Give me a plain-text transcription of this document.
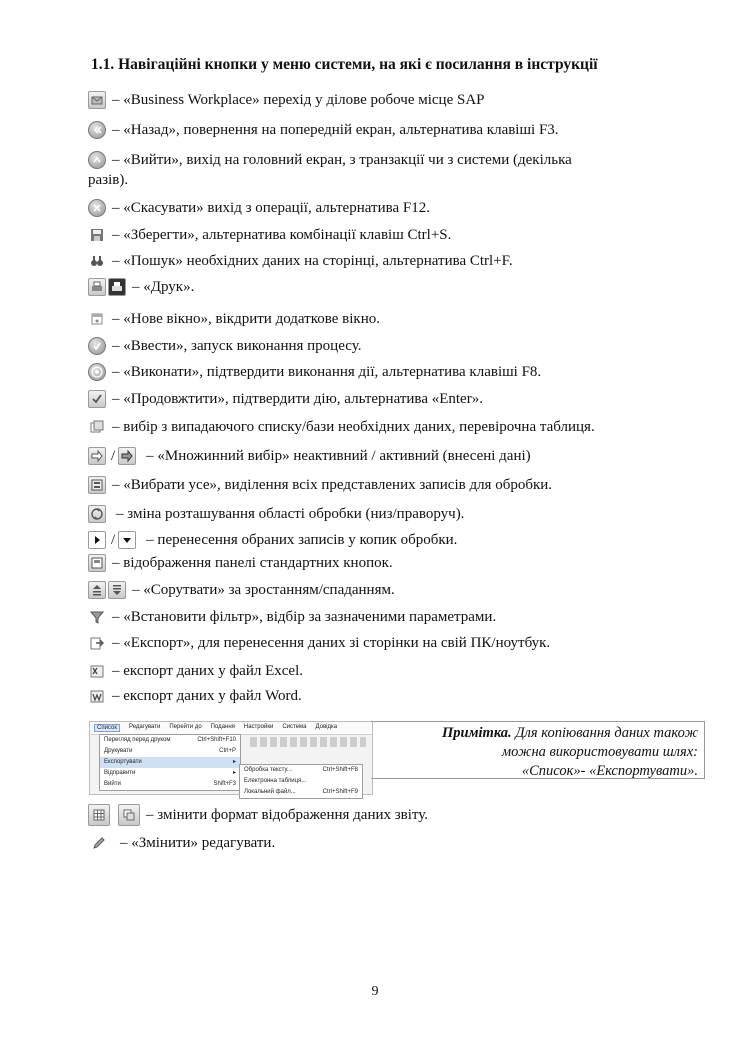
1.1. Навігаційні кнопки у меню системи, на які є посилання в інструкції
– «Business Workplace» перехід у ділове робоче місце SAP
– «Назад», повернення на попередній екран, альтернатива клавіші F3.
– «Вийти», вихід на головний екран, з транзакції чи з системи (декілька
разів).
– «Скасувати» вихід з операції, альтернатива F12.
– «Зберегти», альтернатива комбінації клавіш Ctrl+S.
– «Пошук» необхідних даних на сторінці, альтернатива Ctrl+F.
– «Друк».
– «Нове вікно», вікдрити додаткове вікно.
– «Ввести», запуск виконання процесу.
– «Виконати», підтвердити виконання дії, альтернатива клавіші F8.
– «Продовжтити», підтвердити дію, альтернатива «Enter».
– вибір з випадаючого списку/бази необхідних даних, перевірочна таблиця.
/ – «Множинний вибір» неактивний / активний (внесені дані)
– «Вибрати усе», виділення всіх представлених записів для обробки.
– зміна розташування області обробки (низ/праворуч).
/ – перенесення обраних записів у копик обробки.
– відображення панелі стандартних кнопок.
– «Сорутвати» за зростанням/спаданням.
– «Встановити фільтр», відбір за зазначеними параметрами.
– «Експорт», для перенесення даних зі сторінки на свій ПК/ноутбук.
– експорт даних у файл Excel.
– експорт даних у файл Word.
Список	Редагувати Перейти до Подання Настройки Система Довідка
Перегляд перед друком	Ctrl+Shift+F10
Друкувати	Ctrl+P
Експортувати	▸
Відправити	▸
Вийти	Shift+F3
Обробка тексту...	Ctrl+Shift+F8
Електронна таблиця...
Локальний файл...	Ctrl+Shift+F9
Примітка. Для копіювання даних також
можна використовувати шлях:
«Список»- «Експортувати».
– змінити формат відображення даних звіту.
– «Змінити» редагувати.
9
